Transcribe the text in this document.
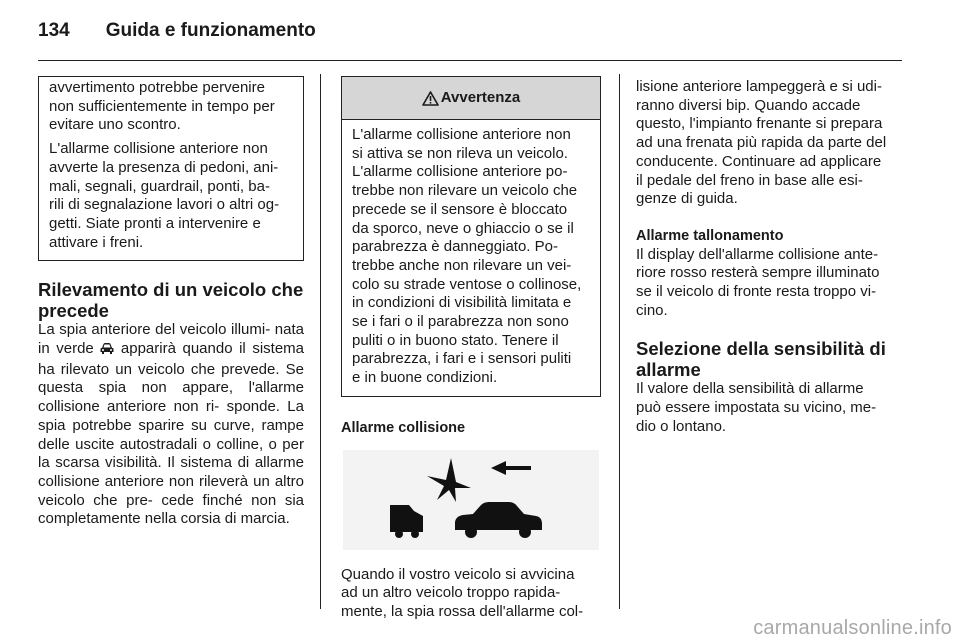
134 Guida e funzionamento

avvertimento potrebbe pervenire
non sufficientemente in tempo per
evitare uno scontro.

L'allarme collisione anteriore non
avverte la presenza di pedoni, ani-
mali, segnali, guardrail, ponti, ba-
rili di segnalazione lavori o altri og-
getti. Siate pronti a intervenire e
attivare i freni.

Rilevamento di un veicolo che
precede

La spia anteriore del veicolo illumi- nata in verde  apparirà quando il sistema ha rilevato un veicolo che prevede. Se questa spia non appare, l'allarme collisione anteriore non ri- sponde. La spia potrebbe sparire su curve, rampe delle uscite autostradali o colline, o per la scarsa visibilità. Il sistema di allarme collisione anteriore non rileverà un altro veicolo che pre- cede finché non sia completamente nella corsia di marcia.

Avvertenza

L'allarme collisione anteriore non
si attiva se non rileva un veicolo.
L'allarme collisione anteriore po-
trebbe non rilevare un veicolo che
precede se il sensore è bloccato
da sporco, neve o ghiaccio o se il
parabrezza è danneggiato. Po-
trebbe anche non rilevare un vei-
colo su strade ventose o collinose,
in condizioni di visibilità limitata e
se i fari o il parabrezza non sono
puliti o in buono stato. Tenere il
parabrezza, i fari e i sensori puliti
e in buone condizioni.

Allarme collisione

Quando il vostro veicolo si avvicina
ad un altro veicolo troppo rapida-
mente, la spia rossa dell'allarme col-

lisione anteriore lampeggerà e si udi-
ranno diversi bip. Quando accade
questo, l'impianto frenante si prepara
ad una frenata più rapida da parte del
conducente. Continuare ad applicare
il pedale del freno in base alle esi-
genze di guida.

Allarme tallonamento

Il display dell'allarme collisione ante-
riore rosso resterà sempre illuminato
se il veicolo di fronte resta troppo vi-
cino.

Selezione della sensibilità di
allarme

Il valore della sensibilità di allarme
può essere impostata su vicino, me-
dio o lontano.

carmanualsonline.info
